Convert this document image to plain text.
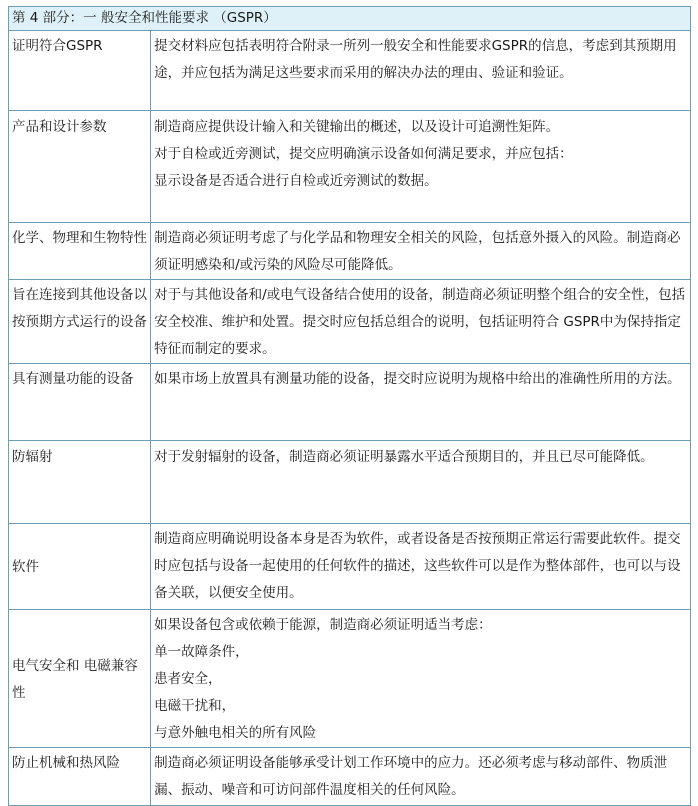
第 4 部分：一 般安全和性能要求 （GSPR）	
证明符合GSPR	提交材料应包括表明符合附录一所列一般安全和性能要求GSPR的信息，考虑到其预期用途，并应包括为满足这些要求而采用的解决办法的理由、验证和验证。

产品和设计参数	制造商应提供设计输入和关键输出的概述，以及设计可追溯性矩阵。
对于自检或近旁测试，提交应明确演示设备如何满足要求，并应包括：
显示设备是否适合进行自检或近旁测试的数据。

化学、物理和生物特性	制造商必须证明考虑了与化学品和物理安全相关的风险，包括意外摄入的风险。制造商必须证明感染和/或污染的风险尽可能降低。

旨在连接到其他设备以按预期方式运行的设备	对于与其他设备和/或电气设备结合使用的设备，制造商必须证明整个组合的安全性，包括安全校准、维护和处置。提交时应包括总组合的说明，包括证明符合 GSPR中为保持指定特征而制定的要求。

具有测量功能的设备	如果市场上放置具有测量功能的设备，提交时应说明为规格中给出的准确性所用的方法。

防辐射	对于发射辐射的设备，制造商必须证明暴露水平适合预期目的，并且已尽可能降低。

软件	制造商应明确说明设备本身是否为软件，或者设备是否按预期正常运行需要此软件。提交 时应包括与设备一起使用的任何软件的描述，这些软件可以是作为整体部件，也可以与设备关联，以便安全使用。

电气安全和 电磁兼容性	如果设备包含或依赖于能源，制造商必须证明适当考虑：
单一故障条件，
患者安全，
电磁干扰和，
与意外触电相关的所有风险

防止机械和热风险	制造商必须证明设备能够承受计划工作环境中的应力。还必须考虑与移动部件、物质泄漏、振动、噪音和可访问部件温度相关的任何风险。
